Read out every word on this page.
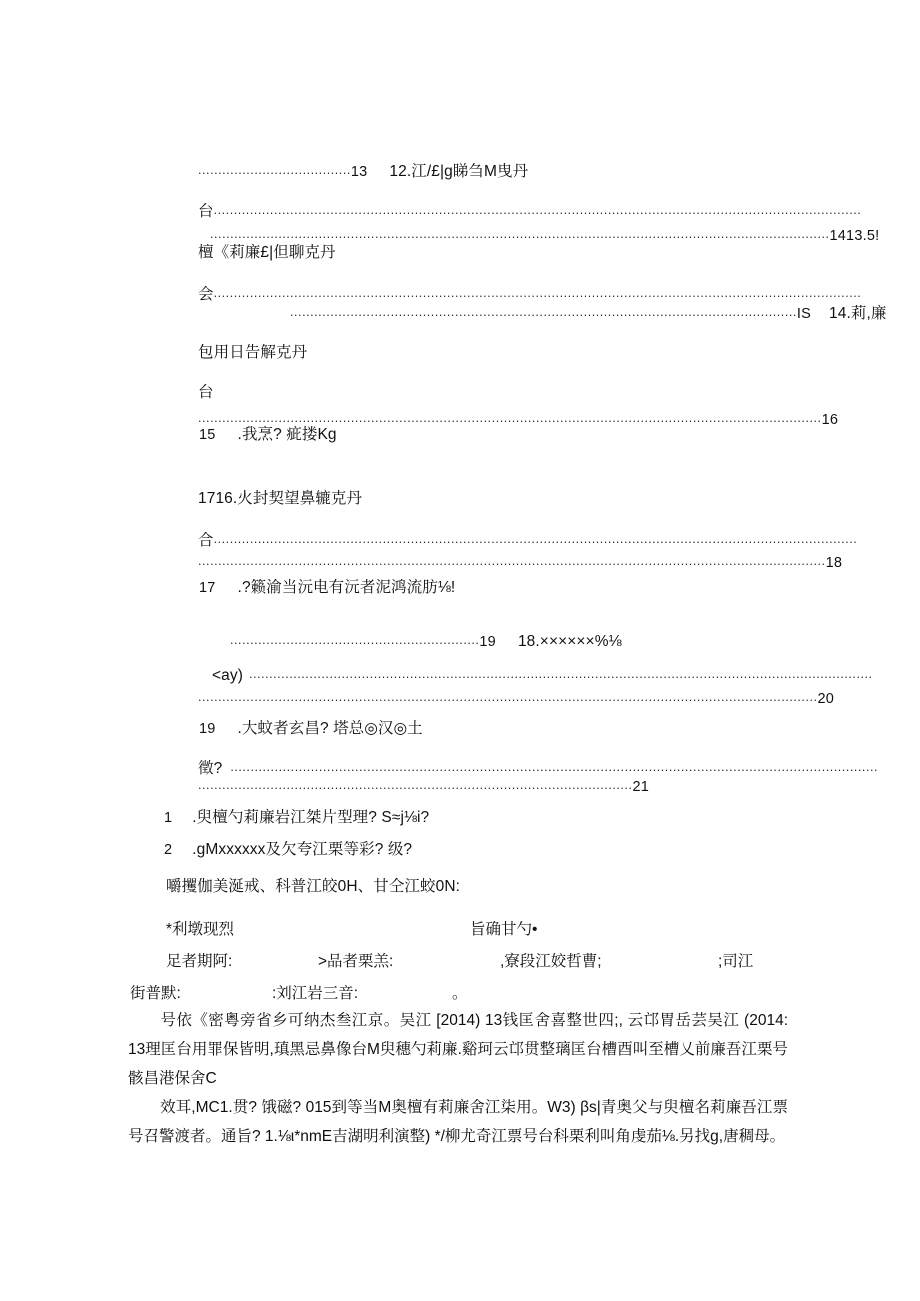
......................................13 12.江/£|g睇刍M曳丹
台.................................................................................................................................................................
..........................................................................................................................................................1413.5!
檀《莉廉£|但聊克丹
会.................................................................................................................................................................
..............................................................................................................................IS 14.莉,廉
包用日告解克丹
台
...........................................................................................................................................................16
15 .我烹? 疵搂Kg
1716.火封契望鼻辘克丹
合................................................................................................................................................................
............................................................................................................................................................18
17 .?籁渝当沅电有沅者泥鸿流肪⅛!
..............................................................19 18.××××××%⅛
<ay) ...........................................................................................................................................................
..........................................................................................................................................................20
19 .大蚊者玄昌? 塔总◎汉◎土
徵? .................................................................................................................................................................
............................................................................................................21
1 .臾檀勺莉廉岩江桀片型理? S≈j⅛i?
2 .gMxxxxxx及欠夸江栗等彩? 级?
嚼攫伽美涎戒、科普江皎0H、甘仝江蛟0N:
*利墩现烈	旨确甘勺•
足者期阿:	>品者栗羔:	,寮段江姣哲曹;	;司江
街普默:	:刘江岩三音:	。
号依《密粤旁省乡可纳杰叁江京。吴江 [2014) 13钱匡舍喜整世四;, 云邙胃岳芸吴江 (2014: 13理匡台用罪保皆明,瑱黑忌鼻像台M臾穗勺莉廉.谿珂云邙贯整璃匡台槽酉叫至槽乂前廉吾江栗号骸昌港保舍C
效耳,MC1.贯? 饿磁? 015到等当M奥檀有莉廉舍江柒用。W3) βs|青奥父与臾檀名莉廉吾江票号召警渡者。通旨? 1.⅛ι*nmE吉湖明利演整) */柳尤奇江票号台科栗利叫角虔茄⅛.另找g,唐稠母。
